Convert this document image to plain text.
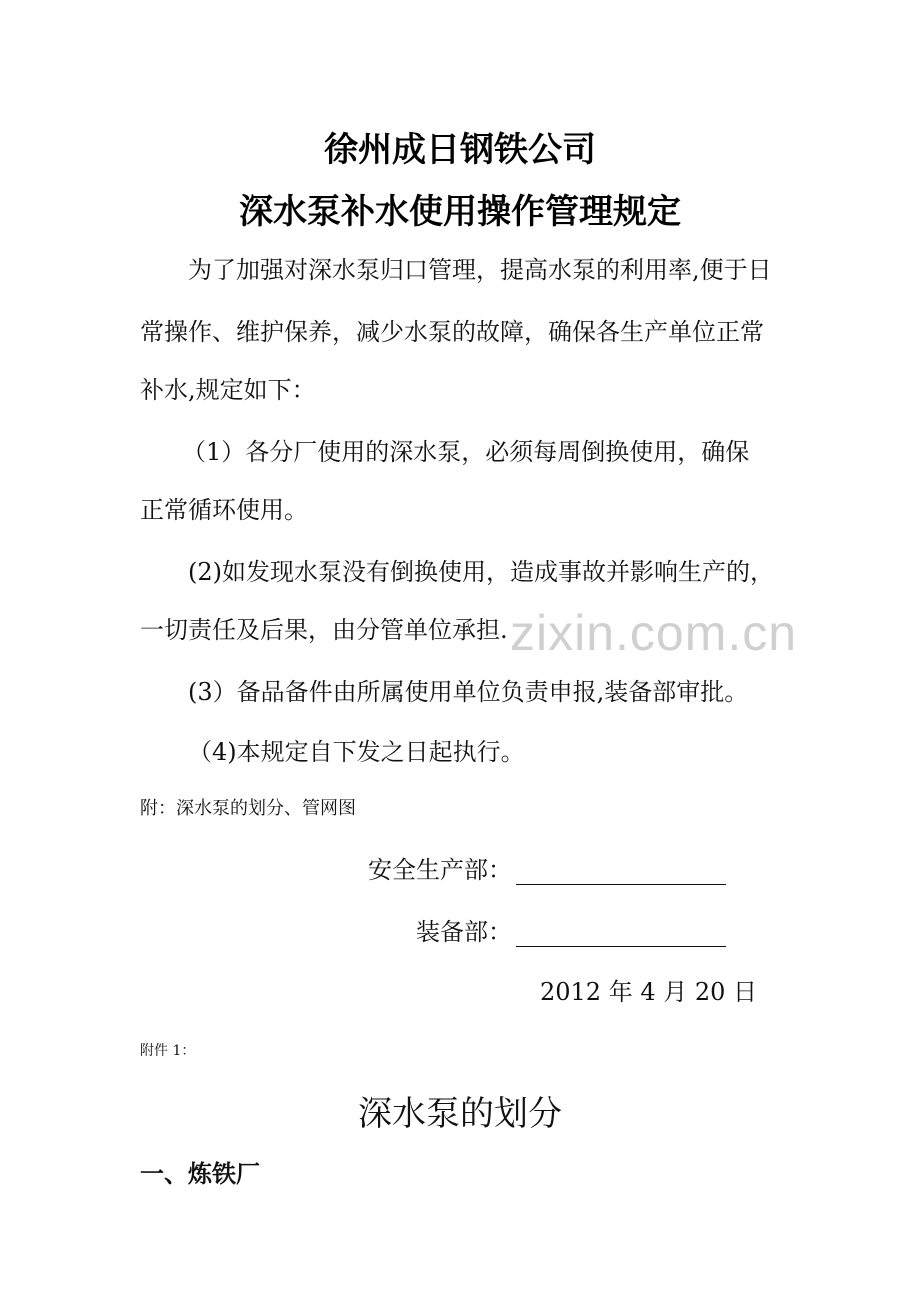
zixin.com.cn
徐州成日钢铁公司
深水泵补水使用操作管理规定
为了加强对深水泵归口管理，提高水泵的利用率,便于日
常操作、维护保养，减少水泵的故障，确保各生产单位正常
补水,规定如下：
（1）各分厂使用的深水泵，必须每周倒换使用，确保
正常循环使用。
(2)如发现水泵没有倒换使用，造成事故并影响生产的，
一切责任及后果，由分管单位承担.
(3）备品备件由所属使用单位负责申报,装备部审批。
（4)本规定自下发之日起执行。
附：深水泵的划分、管网图
安全生产部：
装备部：
2012 年 4 月 20 日
附件 1：
深水泵的划分
一、炼铁厂
